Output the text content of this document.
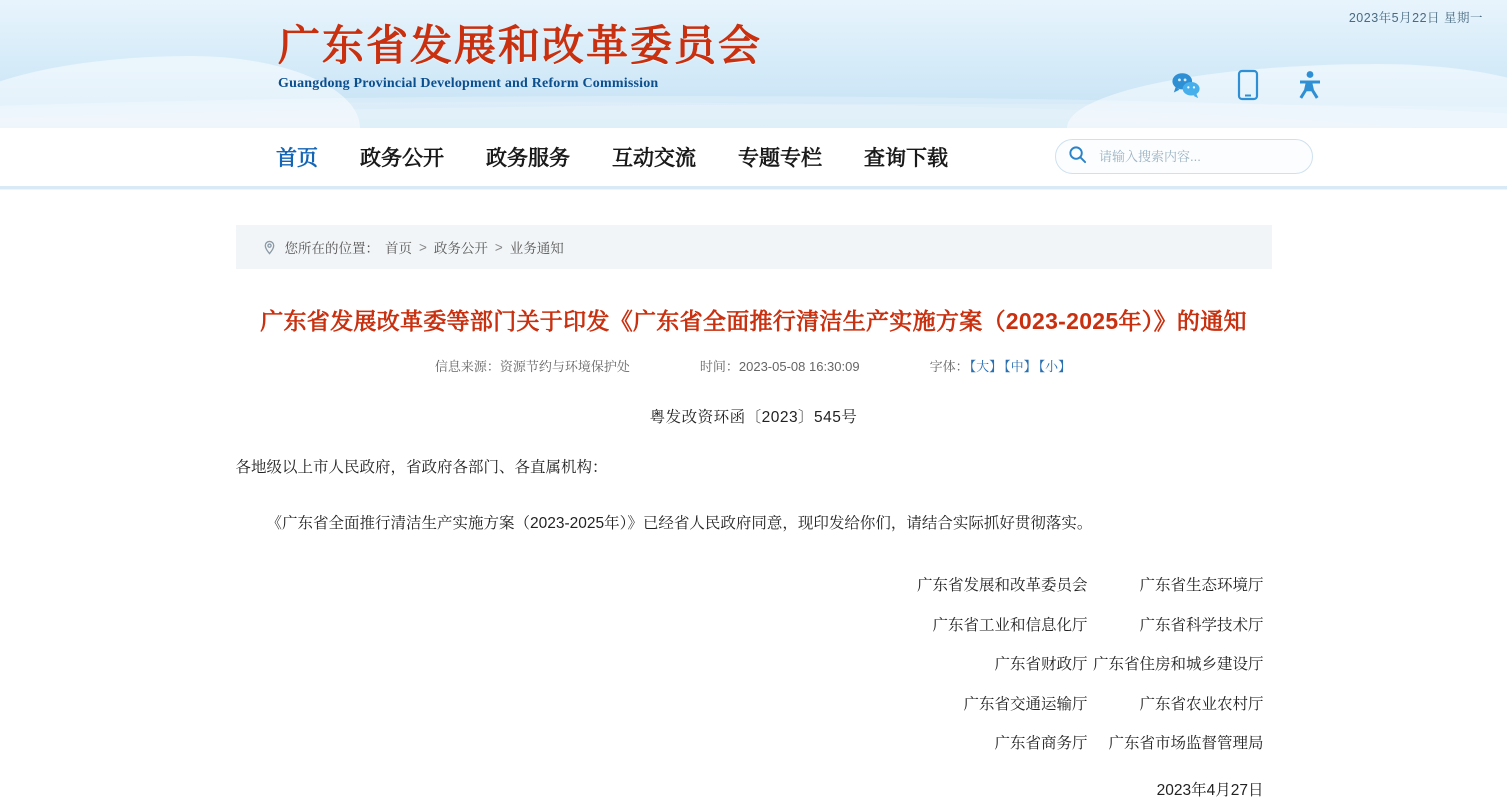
2023年5月22日 星期一
广东省发展和改革委员会
Guangdong Provincial Development and Reform Commission
首页 政务公开 政务服务 互动交流 专题专栏 查询下载
请输入搜索内容...
您所在的位置： 首页 > 政务公开 > 业务通知
广东省发展改革委等部门关于印发《广东省全面推行清洁生产实施方案（2023-2025年）》的通知
信息来源：资源节约与环境保护处	时间：2023-05-08 16:30:09	字体：【大】 【中】 【小】
粤发改资环函〔2023〕545号
各地级以上市人民政府，省政府各部门、各直属机构：
《广东省全面推行清洁生产实施方案（2023-2025年）》已经省人民政府同意，现印发给你们，请结合实际抓好贯彻落实。
广东省发展和改革委员会	广东省生态环境厅
广东省工业和信息化厅	广东省科学技术厅
广东省财政厅 广东省住房和城乡建设厅
广东省交通运输厅	广东省农业农村厅
广东省商务厅	广东省市场监督管理局
2023年4月27日
